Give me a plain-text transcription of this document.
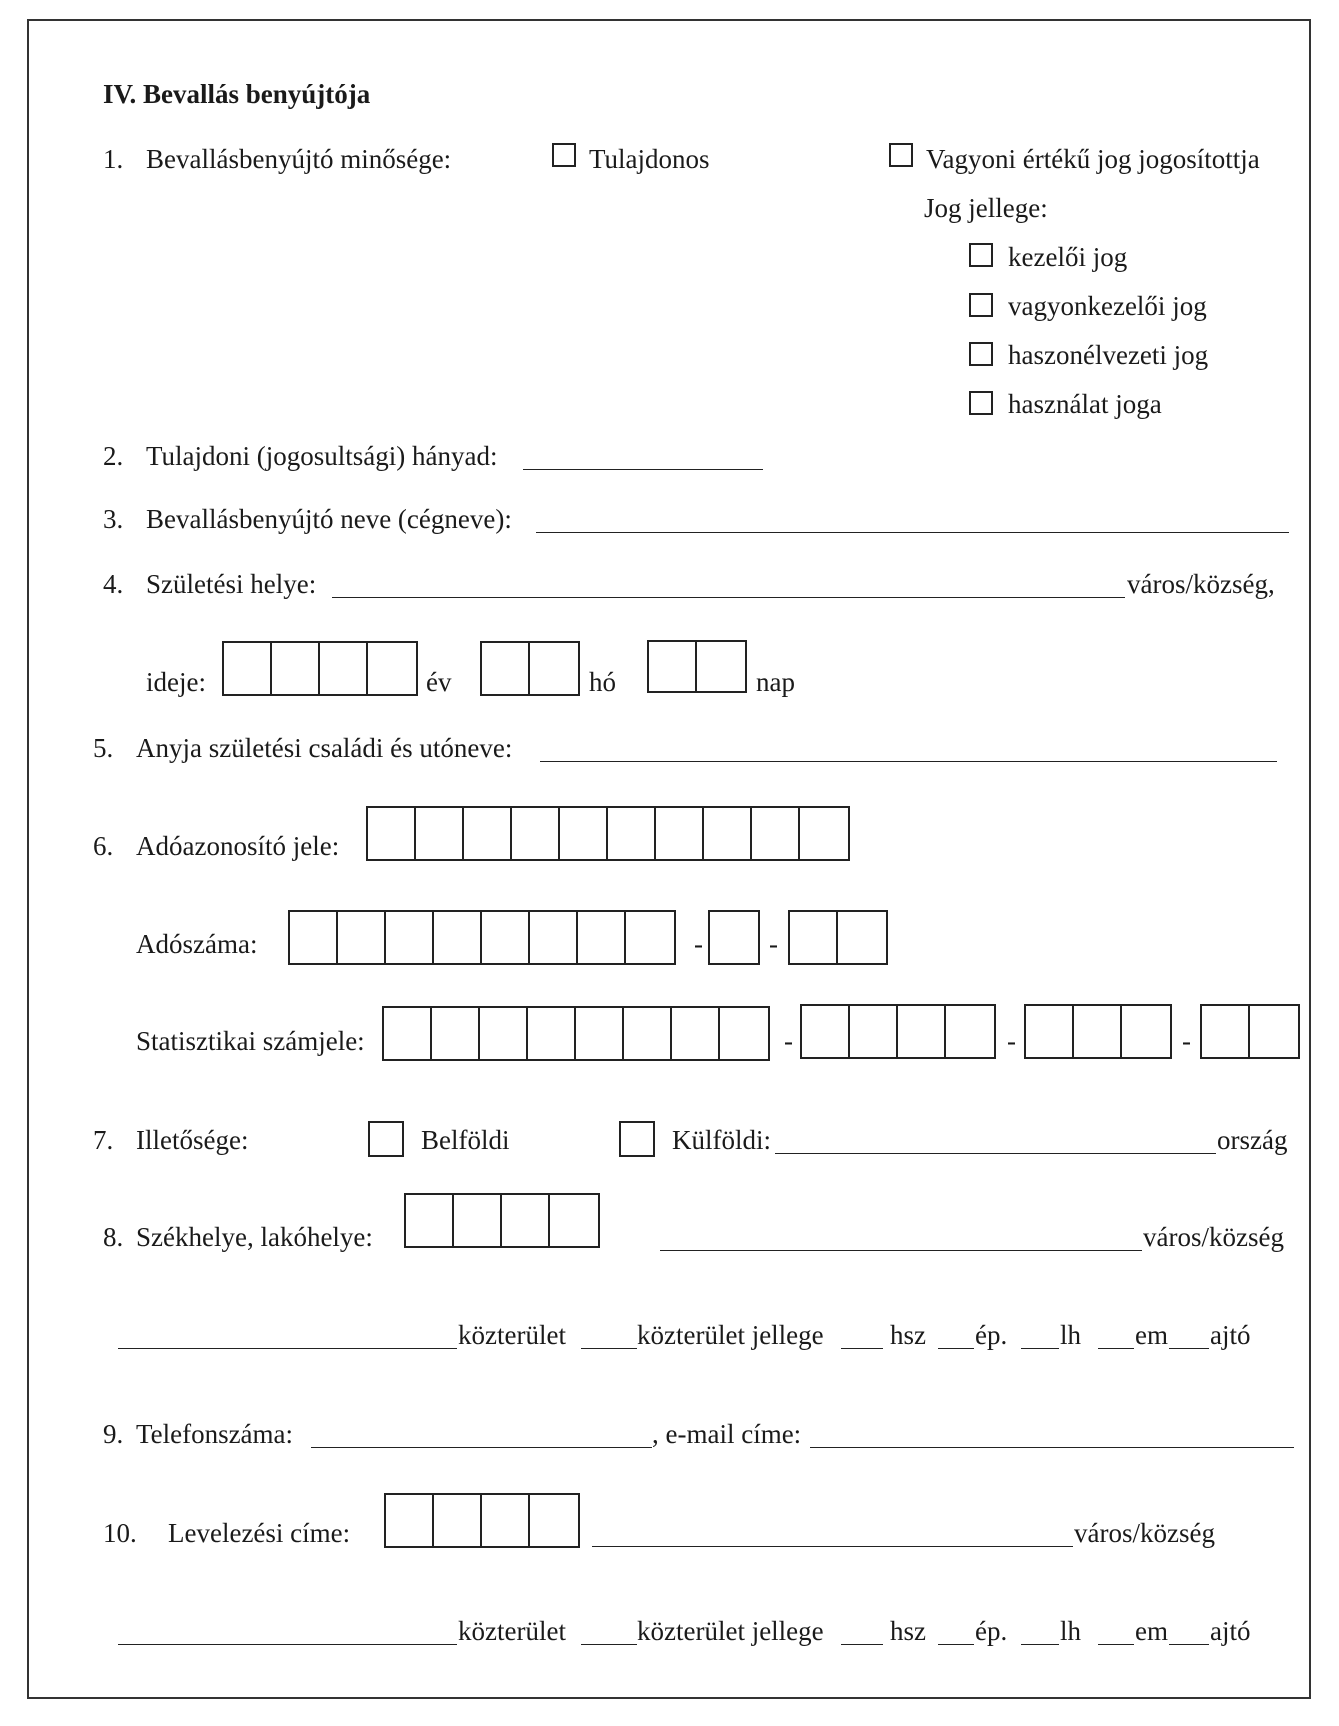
IV. Bevallás benyújtója
1. Bevallásbenyújtó minősége:	Tulajdonos	Vagyoni értékű jog jogosítottja
Jog jellege:
kezelői jog
vagyonkezelői jog
haszonélvezeti jog
használat joga
2. Tulajdoni (jogosultsági) hányad:
3. Bevallásbenyújtó neve (cégneve):
4. Születési helye:	város/község,
ideje:	év	hó	nap
5. Anyja születési családi és utóneve:
6. Adóazonosító jele:
Adószáma:	- -
Statisztikai számjele:	-	-	-
7. Illetősége:	Belföldi	Külföldi:	ország
8. Székhelye, lakóhelye:	város/község
közterület	közterület jellege hsz ép. lh em ajtó
9. Telefonszáma:	, e-mail címe:
10. Levelezési címe:	város/község
közterület	közterület jellege hsz ép. lh em ajtó
